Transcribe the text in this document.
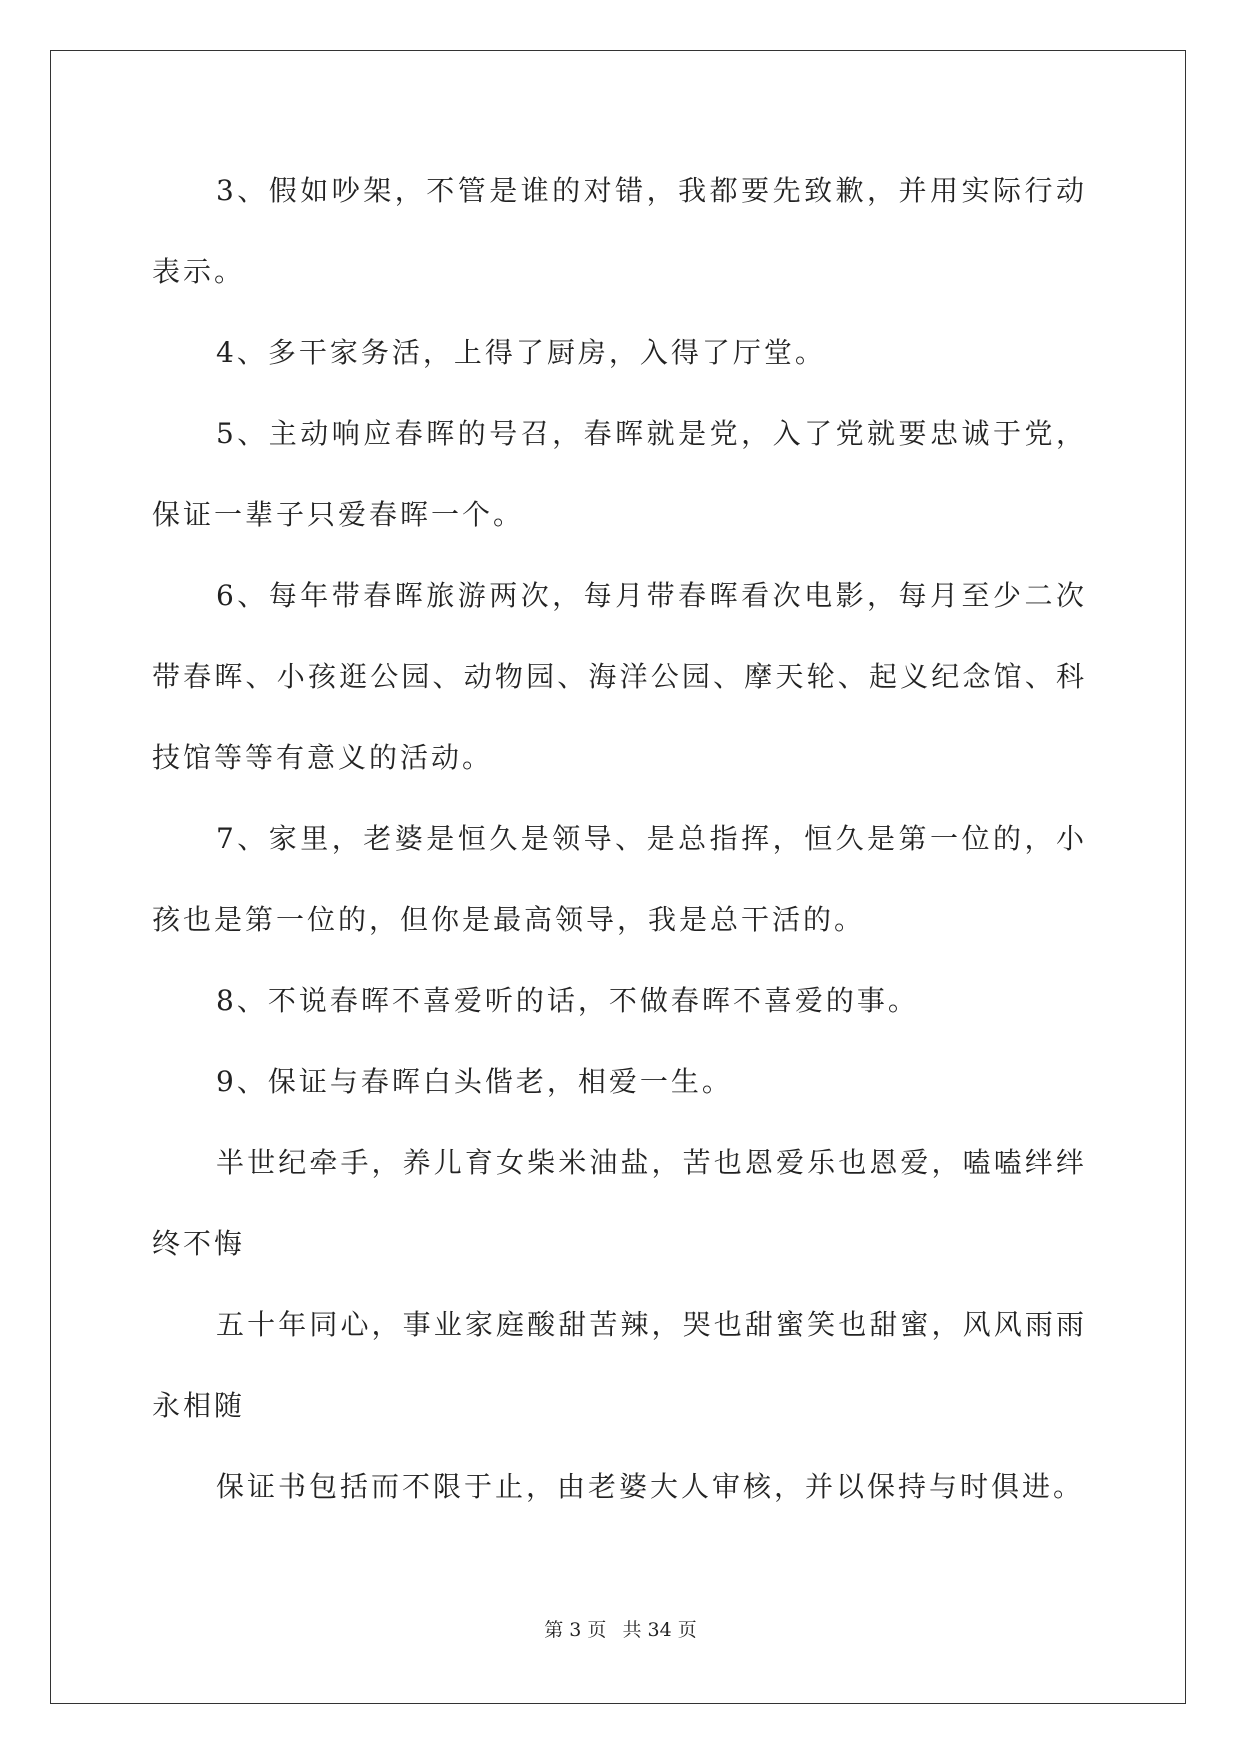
3、假如吵架，不管是谁的对错，我都要先致歉，并用实际行动表示。

4、多干家务活，上得了厨房，入得了厅堂。

5、主动响应春晖的号召，春晖就是党，入了党就要忠诚于党，保证一辈子只爱春晖一个。

6、每年带春晖旅游两次，每月带春晖看次电影，每月至少二次带春晖、小孩逛公园、动物园、海洋公园、摩天轮、起义纪念馆、科技馆等等有意义的活动。

7、家里，老婆是恒久是领导、是总指挥，恒久是第一位的，小孩也是第一位的，但你是最高领导，我是总干活的。

8、不说春晖不喜爱听的话，不做春晖不喜爱的事。

9、保证与春晖白头偕老，相爱一生。

半世纪牵手，养儿育女柴米油盐，苦也恩爱乐也恩爱，嗑嗑绊绊终不悔

五十年同心，事业家庭酸甜苦辣，哭也甜蜜笑也甜蜜，风风雨雨永相随

保证书包括而不限于止，由老婆大人审核，并以保持与时俱进。

第 3 页 共 34 页
